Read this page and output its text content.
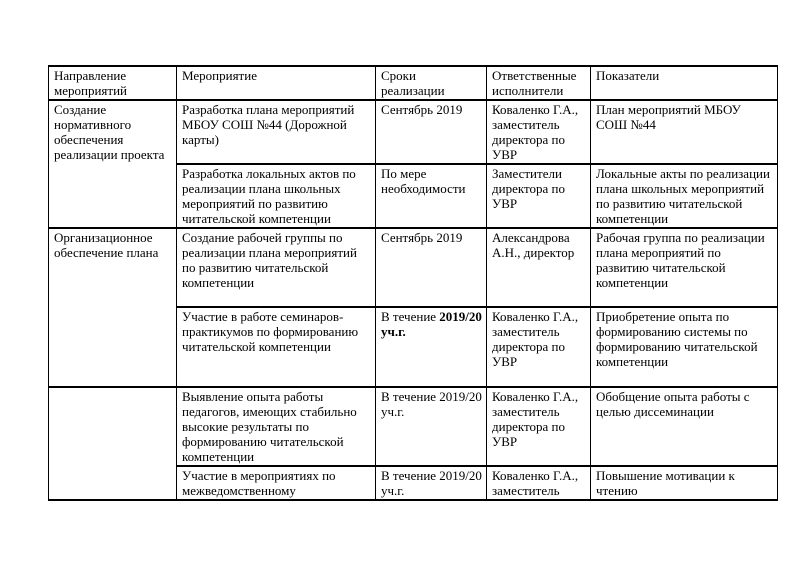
Направление мероприятий	Мероприятие	Сроки реализации	Ответственные исполнители	Показатели
Создание нормативного обеспечения реализации проекта	Разработка плана мероприятий МБОУ СОШ №44 (Дорожной карты)	Сентябрь 2019	Коваленко Г.А., заместитель директора по УВР	План мероприятий МБОУ СОШ №44
	Разработка локальных актов по реализации плана школьных мероприятий по развитию читательской компетенции	По мере необходимости	Заместители директора по УВР	Локальные акты по реализации плана школьных мероприятий по развитию читательской компетенции
Организационное обеспечение плана	Создание рабочей группы по реализации плана мероприятий по развитию читательской компетенции	Сентябрь 2019	Александрова А.Н., директор	Рабочая группа по реализации плана мероприятий по развитию читательской компетенции
	Участие в работе семинаров-практикумов по формированию читательской компетенции	В течение 2019/20 уч.г.	Коваленко Г.А., заместитель директора по УВР	Приобретение опыта по формированию системы по формированию читательской компетенции
	Выявление опыта работы педагогов, имеющих стабильно высокие результаты по формированию читательской компетенции	В течение 2019/20 уч.г.	Коваленко Г.А., заместитель директора по УВР	Обобщение опыта работы с целью диссеминации
	Участие в мероприятиях по межведомственному	В течение 2019/20 уч.г.	Коваленко Г.А., заместитель	Повышение мотивации к чтению
